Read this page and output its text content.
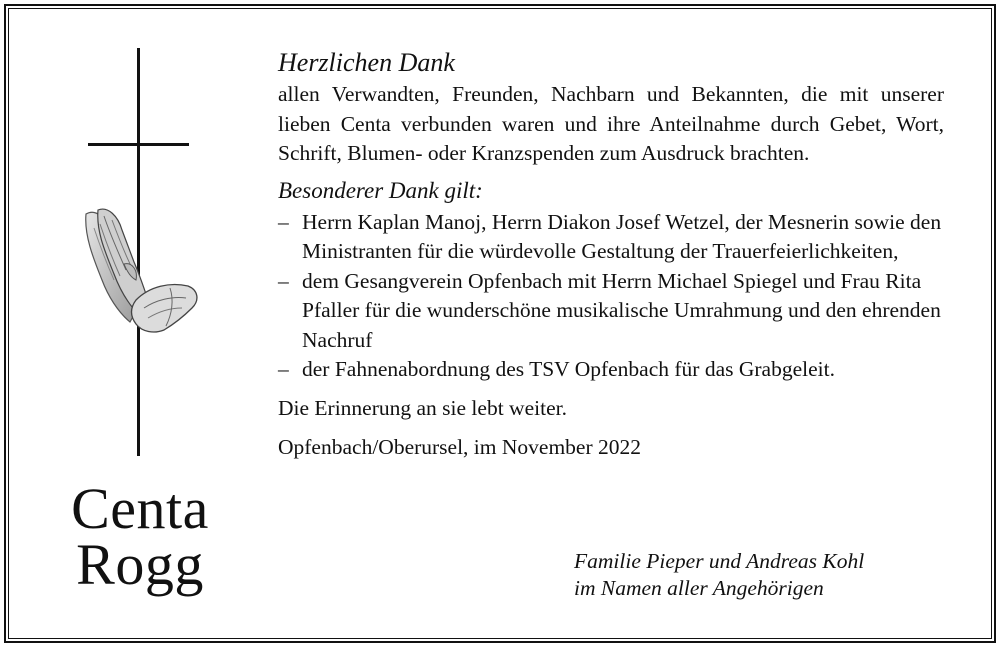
Centa
Rogg

Herzlichen Dank

allen Verwandten, Freunden, Nachbarn und Bekannten, die mit unserer lieben Centa verbunden waren und ihre Anteilnahme durch Gebet, Wort, Schrift, Blumen- oder Kranzspenden zum Ausdruck brachten.

Besonderer Dank gilt:

– Herrn Kaplan Manoj, Herrn Diakon Josef Wetzel, der Mesnerin sowie den Ministranten für die würdevolle Gestaltung der Trauerfeierlichkeiten,
– dem Gesangverein Opfenbach mit Herrn Michael Spiegel und Frau Rita Pfaller für die wunderschöne musikalische Umrahmung und den ehrenden Nachruf
– der Fahnenabordnung des TSV Opfenbach für das Grabgeleit.

Die Erinnerung an sie lebt weiter.

Opfenbach/Oberursel, im November 2022

Familie Pieper und Andreas Kohl
im Namen aller Angehörigen
